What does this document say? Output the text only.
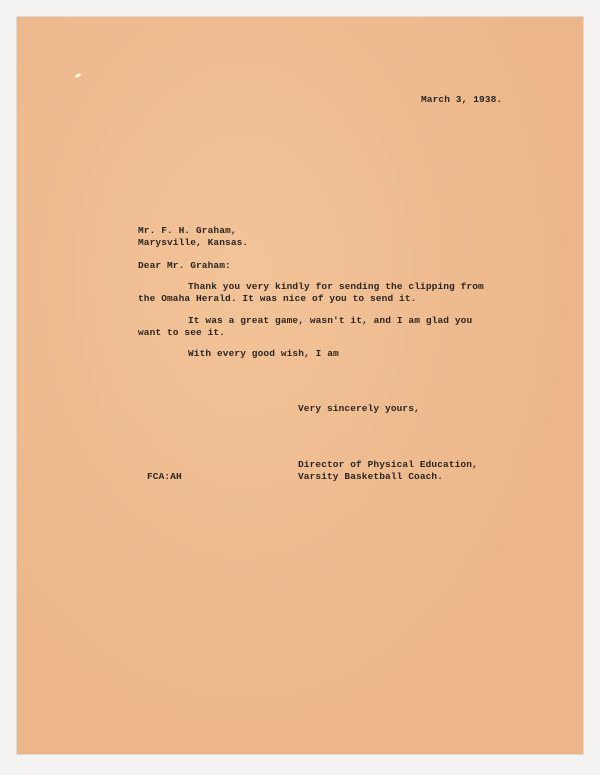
March 3, 1938.
Mr. F. H. Graham,
Marysville, Kansas.
Dear Mr. Graham:
Thank you very kindly for sending the clipping from
the Omaha Herald. It was nice of you to send it.
It was a great game, wasn't it, and I am glad you
want to see it.
With every good wish, I am
Very sincerely yours,
Director of Physical Education,
Varsity Basketball Coach.
FCA:AH
